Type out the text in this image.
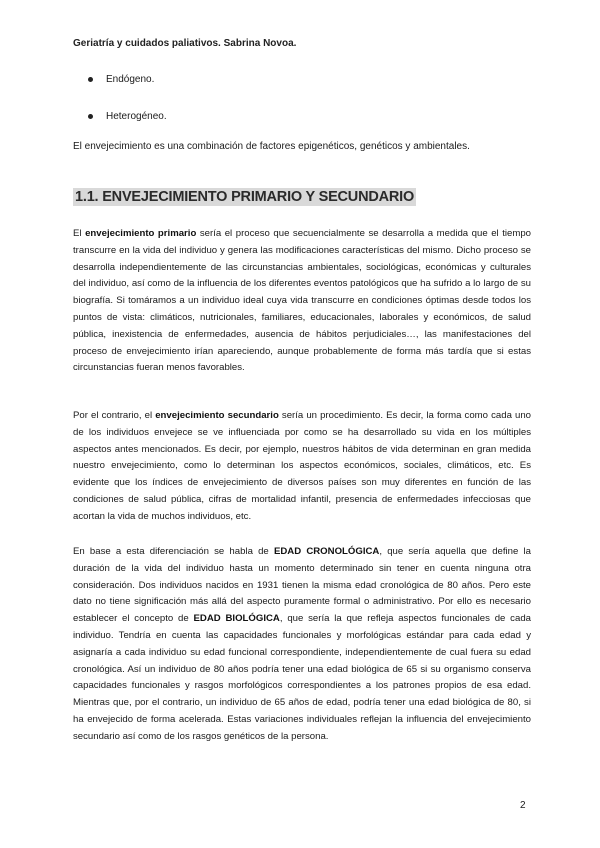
Geriatría y cuidados paliativos. Sabrina Novoa.
Endógeno.
Heterogéneo.
El envejecimiento es una combinación de factores epigenéticos, genéticos y ambientales.
1.1. ENVEJECIMIENTO PRIMARIO Y SECUNDARIO

El envejecimiento primario sería el proceso que secuencialmente se desarrolla a medida que el tiempo transcurre en la vida del individuo y genera las modificaciones características del mismo. Dicho proceso se desarrolla independientemente de las circunstancias ambientales, sociológicas, económicas y culturales del individuo, así como de la influencia de los diferentes eventos patológicos que ha sufrido a lo largo de su biografía. Si tomáramos a un individuo ideal cuya vida transcurre en condiciones óptimas desde todos los puntos de vista: climáticos, nutricionales, familiares, educacionales, laborales y económicos, de salud pública, inexistencia de enfermedades, ausencia de hábitos perjudiciales…, las manifestaciones del proceso de envejecimiento irían apareciendo, aunque probablemente de forma más tardía que si estas circunstancias fueran menos favorables.

Por el contrario, el envejecimiento secundario sería un procedimiento. Es decir, la forma como cada uno de los individuos envejece se ve influenciada por como se ha desarrollado su vida en los múltiples aspectos antes mencionados. Es decir, por ejemplo, nuestros hábitos de vida determinan en gran medida nuestro envejecimiento, como lo determinan los aspectos económicos, sociales, climáticos, etc. Es evidente que los índices de envejecimiento de diversos países son muy diferentes en función de las condiciones de salud pública, cifras de mortalidad infantil, presencia de enfermedades infecciosas que acortan la vida de muchos individuos, etc.

En base a esta diferenciación se habla de EDAD CRONOLÓGICA, que sería aquella que define la duración de la vida del individuo hasta un momento determinado sin tener en cuenta ninguna otra consideración. Dos individuos nacidos en 1931 tienen la misma edad cronológica de 80 años. Pero este dato no tiene significación más allá del aspecto puramente formal o administrativo. Por ello es necesario establecer el concepto de EDAD BIOLÓGICA, que sería la que refleja aspectos funcionales de cada individuo. Tendría en cuenta las capacidades funcionales y morfológicas estándar para cada edad y asignaría a cada individuo su edad funcional correspondiente, independientemente de cual fuera su edad cronológica. Así un individuo de 80 años podría tener una edad biológica de 65 si su organismo conserva capacidades funcionales y rasgos morfológicos correspondientes a los patrones propios de esa edad. Mientras que, por el contrario, un individuo de 65 años de edad, podría tener una edad biológica de 80, si ha envejecido de forma acelerada. Estas variaciones individuales reflejan la influencia del envejecimiento secundario así como de los rasgos genéticos de la persona.

2
